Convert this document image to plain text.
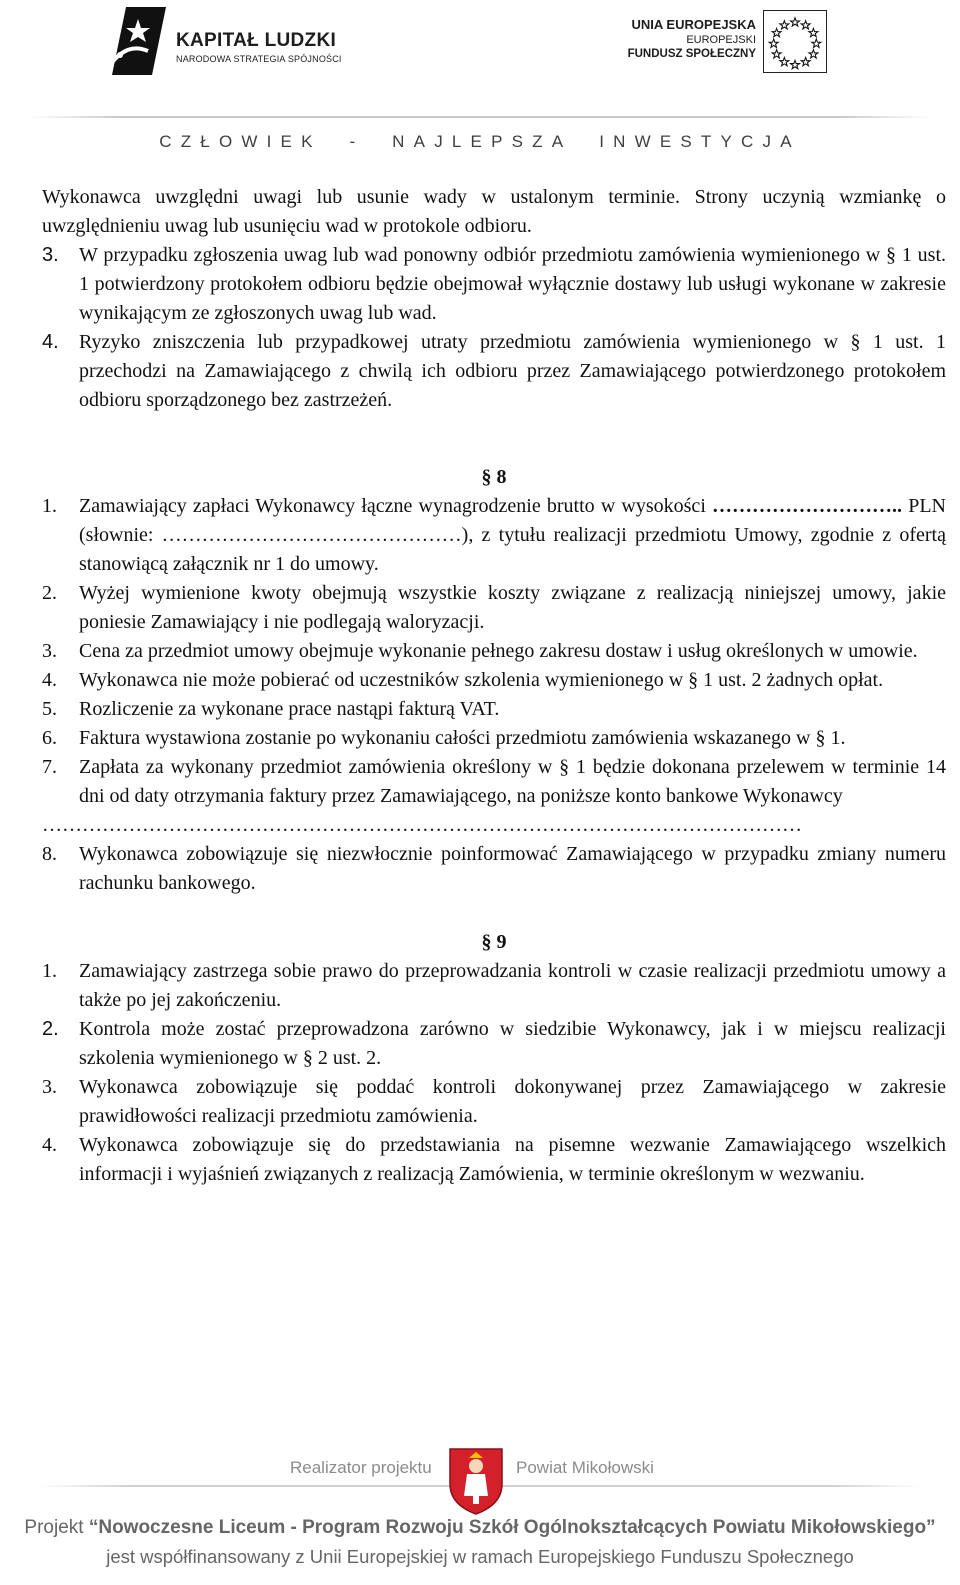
KAPITAŁ LUDZKI
NARODOWA STRATEGIA SPÓJNOŚCI
UNIA EUROPEJSKA
EUROPEJSKI
FUNDUSZ SPOŁECZNY
CZŁOWIEK  -  NAJLEPSZA  INWESTYCJA

Wykonawca uwzględni uwagi lub usunie wady w ustalonym terminie. Strony uczynią wzmiankę o uwzględnieniu uwag lub usunięciu wad w protokole odbioru.

3.	W przypadku zgłoszenia uwag lub wad ponowny odbiór przedmiotu zamówienia wymienionego w § 1 ust. 1 potwierdzony protokołem odbioru będzie obejmował wyłącznie dostawy lub usługi wykonane w zakresie wynikającym ze zgłoszonych uwag lub wad.
4.	Ryzyko zniszczenia lub przypadkowej utraty przedmiotu zamówienia wymienionego w § 1 ust. 1 przechodzi na Zamawiającego z chwilą ich odbioru przez Zamawiającego potwierdzonego protokołem odbioru sporządzonego bez zastrzeżeń.
§ 8
1.	Zamawiający zapłaci Wykonawcy łączne wynagrodzenie brutto w wysokości ……………………….. PLN (słownie: ………………………………………), z tytułu realizacji przedmiotu Umowy, zgodnie z ofertą stanowiącą załącznik nr 1 do umowy.
2.	Wyżej wymienione kwoty obejmują wszystkie koszty związane z realizacją niniejszej umowy, jakie poniesie Zamawiający i nie podlegają waloryzacji.
3.	Cena za przedmiot umowy obejmuje wykonanie pełnego zakresu dostaw i usług określonych w umowie.
4.	Wykonawca nie może pobierać od uczestników szkolenia wymienionego w § 1 ust. 2 żadnych opłat.
5.	Rozliczenie za wykonane prace nastąpi fakturą VAT.
6.	Faktura wystawiona zostanie po wykonaniu całości przedmiotu zamówienia wskazanego w § 1.
7.	Zapłata za wykonany przedmiot zamówienia określony w § 1 będzie dokonana przelewem w terminie 14 dni od daty otrzymania faktury przez Zamawiającego, na poniższe konto bankowe Wykonawcy
……………………………………………………………………………………………………
8.	Wykonawca zobowiązuje się niezwłocznie poinformować Zamawiającego w przypadku zmiany numeru rachunku bankowego.
§ 9
1.	Zamawiający zastrzega sobie prawo do przeprowadzania kontroli w czasie realizacji przedmiotu umowy a także po jej zakończeniu.
2.	Kontrola może zostać przeprowadzona zarówno w siedzibie Wykonawcy, jak i w miejscu realizacji szkolenia wymienionego w § 2 ust. 2.
3.	Wykonawca zobowiązuje się poddać kontroli dokonywanej przez Zamawiającego w zakresie prawidłowości realizacji przedmiotu zamówienia.
4.	Wykonawca zobowiązuje się do przedstawiania na pisemne wezwanie Zamawiającego wszelkich informacji i wyjaśnień związanych z realizacją Zamówienia, w terminie określonym w wezwaniu.
Realizator projektu	Powiat Mikołowski
Projekt “Nowoczesne Liceum - Program Rozwoju Szkół Ogólnokształcących Powiatu Mikołowskiego”
jest współfinansowany z Unii Europejskiej w ramach Europejskiego Funduszu Społecznego
